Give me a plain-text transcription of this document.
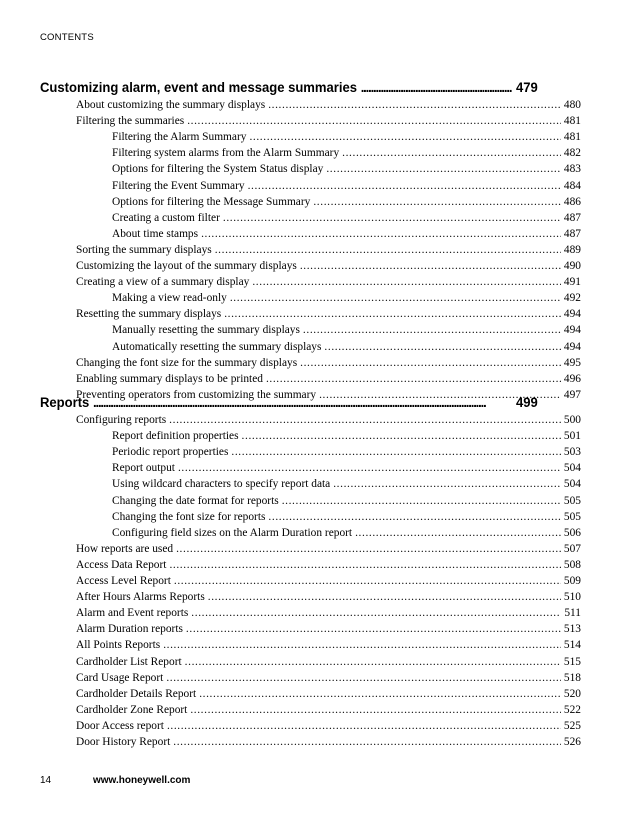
CONTENTS
Customizing alarm, event and message summaries . . .	479
About customizing the summary displays .....	480
Filtering the summaries .....	481
Filtering the Alarm Summary .....	481
Filtering system alarms from the Alarm Summary .....	482
Options for filtering the System Status display .....	483
Filtering the Event Summary .....	484
Options for filtering the Message Summary .....	486
Creating a custom filter .....	487
About time stamps .....	487
Sorting the summary displays .....	489
Customizing the layout of the summary displays .....	490
Creating a view of a summary display .....	491
Making a view read-only .....	492
Resetting the summary displays .....	494
Manually resetting the summary displays .....	494
Automatically resetting the summary displays .....	494
Changing the font size for the summary displays .....	495
Enabling summary displays to be printed .....	496
Preventing operators from customizing the summary .....	497
Reports . . .	499
Configuring reports .....	500
Report definition properties .....	501
Periodic report properties .....	503
Report output .....	504
Using wildcard characters to specify report data .....	504
Changing the date format for reports .....	505
Changing the font size for reports .....	505
Configuring field sizes on the Alarm Duration report .....	506
How reports are used .....	507
Access Data Report .....	508
Access Level Report .....	509
After Hours Alarms Reports .....	510
Alarm and Event reports .....	511
Alarm Duration reports .....	513
All Points Reports .....	514
Cardholder List Report .....	515
Card Usage Report .....	518
Cardholder Details Report .....	520
Cardholder Zone Report .....	522
Door Access report .....	525
Door History Report .....	526
14	www.honeywell.com
